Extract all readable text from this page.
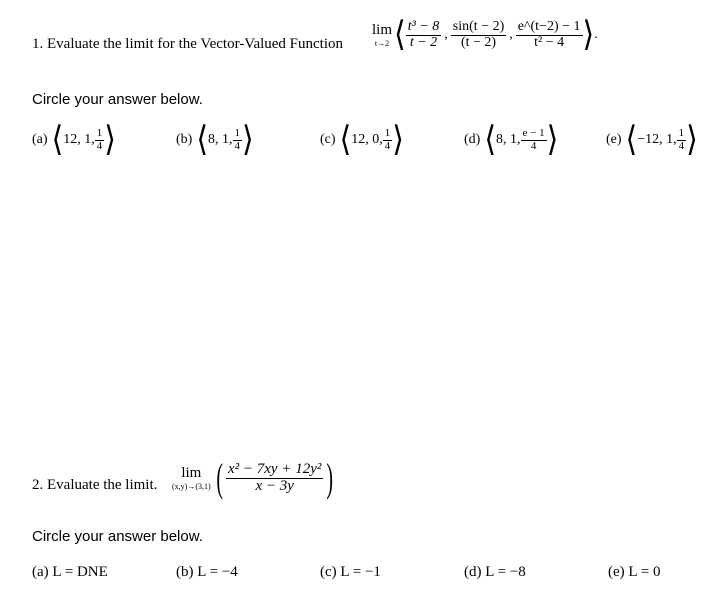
1. Evaluate the limit for the Vector-Valued Function
lim
t→2 ⟨ $\frac{\text{t³ − 8}}{t - 2}$ , $\frac{\sin(t - 2)}{(t - 2)}$ , $\frac{e\^{}(t-2) - 1}{\text{t² − 4}}$ ⟩ .
Circle your answer below.
(a) ⟨ 12, 1, $\frac{1}{4}$ ⟩	(b) ⟨ 8, 1, $\frac{1}{4}$ ⟩	(c) ⟨ 12, 0, $\frac{1}{4}$ ⟩	(d) ⟨ 8, 1, $\frac{e - 1}{4}$ ⟩	(e) ⟨ −12, 1, $\frac{1}{4}$ ⟩
2. Evaluate the limit.
lim
(x,y)→(3,1) ( $\frac{\text{x² − 7xy + 12y²}}{x - 3y}$ )
Circle your answer below.
(a) L = DNE	(b) L = −4	(c) L = −1	(d) L = −8	(e) L = 0
